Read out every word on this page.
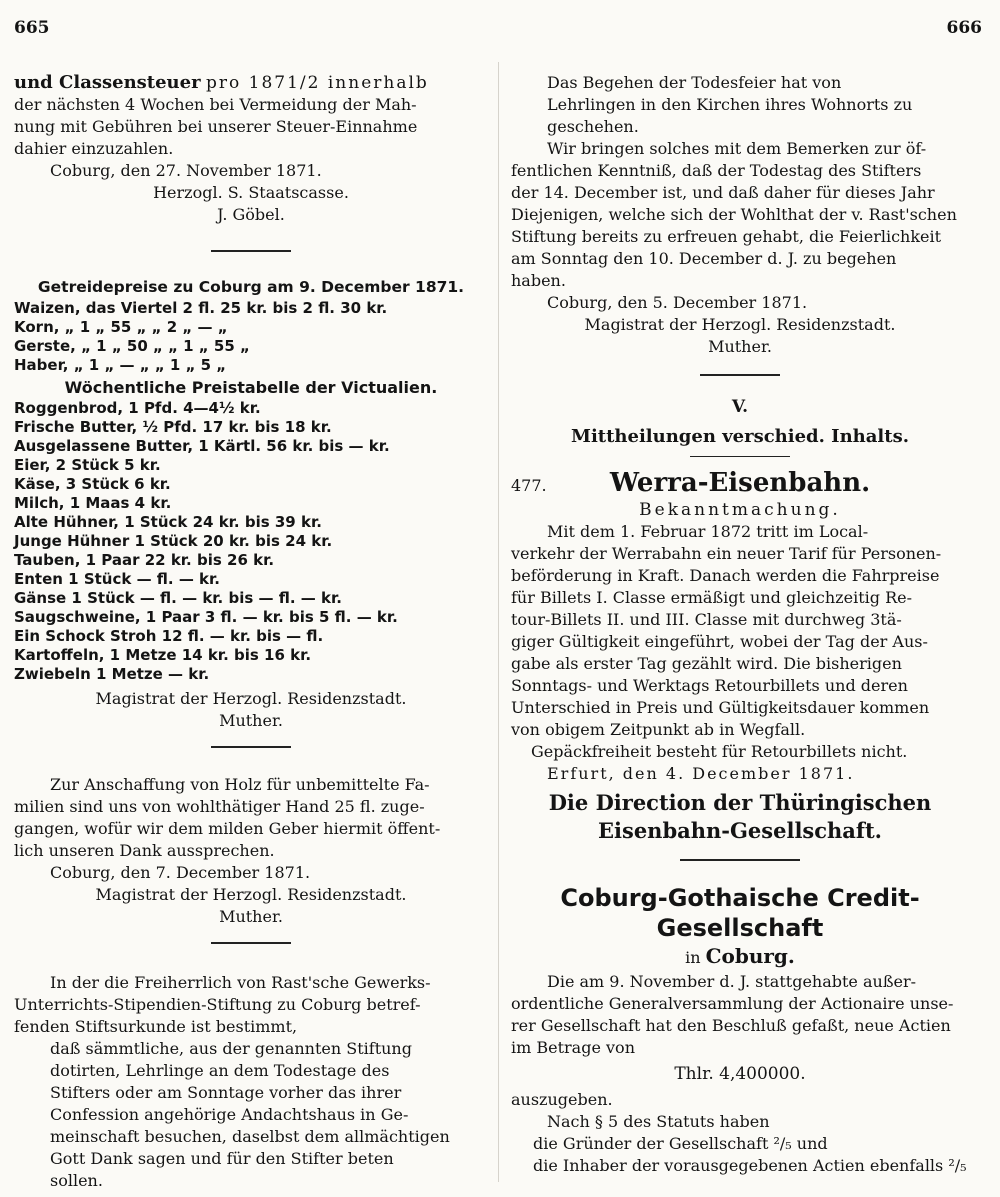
665	666

und Classensteuer pro 1871/2 innerhalb

der nächsten 4 Wochen bei Vermeidung der Mah-

nung mit Gebühren bei unserer Steuer-Einnahme

dahier einzuzahlen.

Coburg, den 27. November 1871.

Herzogl. S. Staatscasse.

J. Göbel.

Getreidepreise zu Coburg am 9. December 1871.

Waizen, das Viertel 2 fl. 25 kr. bis 2 fl. 30 kr.

Korn, „ 1 „ 55 „ „ 2 „ — „

Gerste, „ 1 „ 50 „ „ 1 „ 55 „

Haber, „ 1 „ — „ „ 1 „ 5 „

Wöchentliche Preistabelle der Victualien.

Roggenbrod, 1 Pfd. 4—4½ kr.

Frische Butter, ½ Pfd. 17 kr. bis 18 kr.

Ausgelassene Butter, 1 Kärtl. 56 kr. bis — kr.

Eier, 2 Stück 5 kr.

Käse, 3 Stück 6 kr.

Milch, 1 Maas 4 kr.

Alte Hühner, 1 Stück 24 kr. bis 39 kr.

Junge Hühner 1 Stück 20 kr. bis 24 kr.

Tauben, 1 Paar 22 kr. bis 26 kr.

Enten 1 Stück — fl. — kr.

Gänse 1 Stück — fl. — kr. bis — fl. — kr.

Saugschweine, 1 Paar 3 fl. — kr. bis 5 fl. — kr.

Ein Schock Stroh 12 fl. — kr. bis — fl.

Kartoffeln, 1 Metze 14 kr. bis 16 kr.

Zwiebeln 1 Metze — kr.

Magistrat der Herzogl. Residenzstadt.

Muther.

Zur Anschaffung von Holz für unbemittelte Fa-

milien sind uns von wohlthätiger Hand 25 fl. zuge-

gangen, wofür wir dem milden Geber hiermit öffent-

lich unseren Dank aussprechen.

Coburg, den 7. December 1871.

Magistrat der Herzogl. Residenzstadt.

Muther.

In der die Freiherrlich von Rast'sche Gewerks-

Unterrichts-Stipendien-Stiftung zu Coburg betref-

fenden Stiftsurkunde ist bestimmt,

daß sämmtliche, aus der genannten Stiftung

dotirten, Lehrlinge an dem Todestage des

Stifters oder am Sonntage vorher das ihrer

Confession angehörige Andachtshaus in Ge-

meinschaft besuchen, daselbst dem allmächtigen

Gott Dank sagen und für den Stifter beten

sollen.

Das Begehen der Todesfeier hat von

Lehrlingen in den Kirchen ihres Wohnorts zu

geschehen.

Wir bringen solches mit dem Bemerken zur öf-

fentlichen Kenntniß, daß der Todestag des Stifters

der 14. December ist, und daß daher für dieses Jahr

Diejenigen, welche sich der Wohlthat der v. Rast'schen

Stiftung bereits zu erfreuen gehabt, die Feierlichkeit

am Sonntag den 10. December d. J. zu begehen

haben.

Coburg, den 5. December 1871.

Magistrat der Herzogl. Residenzstadt.

Muther.

V.

Mittheilungen verschied. Inhalts.

477.	Werra-Eisenbahn.

Bekanntmachung.

Mit dem 1. Februar 1872 tritt im Local-

verkehr der Werrabahn ein neuer Tarif für Personen-

beförderung in Kraft. Danach werden die Fahrpreise

für Billets I. Classe ermäßigt und gleichzeitig Re-

tour-Billets II. und III. Classe mit durchweg 3tä-

giger Gültigkeit eingeführt, wobei der Tag der Aus-

gabe als erster Tag gezählt wird. Die bisherigen

Sonntags- und Werktags Retourbillets und deren

Unterschied in Preis und Gültigkeitsdauer kommen

von obigem Zeitpunkt ab in Wegfall.

Gepäckfreiheit besteht für Retourbillets nicht.

Erfurt, den 4. December 1871.

Die Direction der Thüringischen

Eisenbahn-Gesellschaft.

Coburg-Gothaische Credit-

Gesellschaft

in Coburg.

Die am 9. November d. J. stattgehabte außer-

ordentliche Generalversammlung der Actionaire unse-

rer Gesellschaft hat den Beschluß gefaßt, neue Actien

im Betrage von

Thlr. 4,400000.

auszugeben.

Nach § 5 des Statuts haben

die Gründer der Gesellschaft ²/₅ und

die Inhaber der vorausgegebenen Actien ebenfalls ²/₅
